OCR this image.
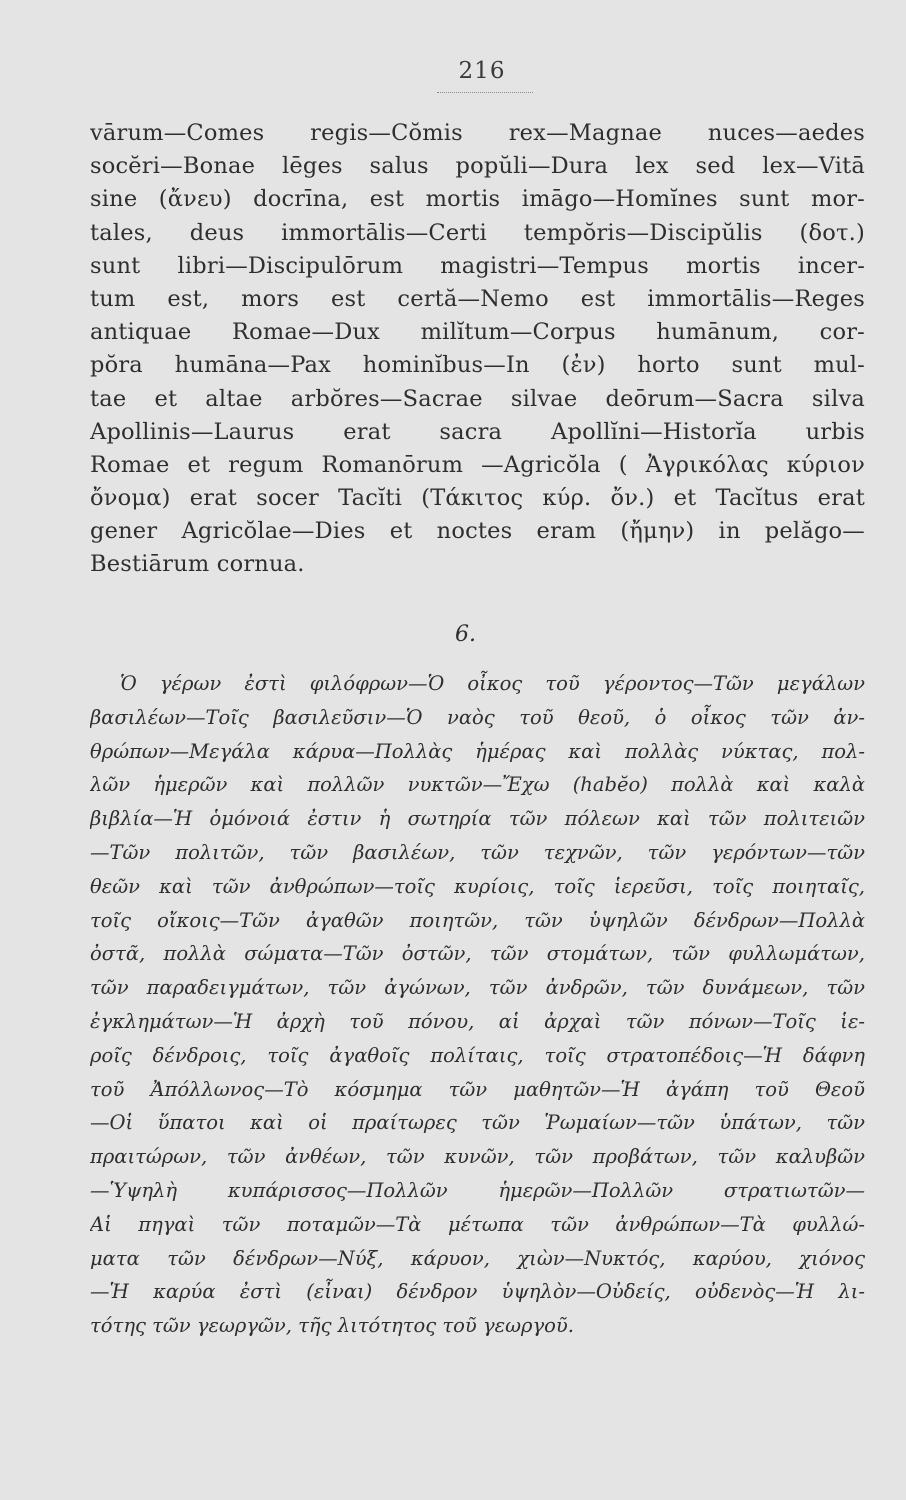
216
vārum—Comes regis—Cŏmis rex—Magnae nuces—aedes
socĕri—Bonae lēges salus popŭli—Dura lex sed lex—Vitā
sine (ἄνευ) docrīna, est mortis imāgo—Homĭnes sunt mor-
tales, deus immortālis—Certi tempŏris—Discipŭlis (δοτ.)
sunt libri—Discipulōrum magistri—Tempus mortis incer-
tum est, mors est certă—Nemo est immortālis—Reges
antiquae Romae—Dux milĭtum—Corpus humānum, cor-
pŏra humāna—Pax hominĭbus—In (ἐν) horto sunt mul-
tae et altae arbŏres—Sacrae silvae deōrum—Sacra silva
Apollinis—Laurus erat sacra Apollĭni—Historĭa urbis
Romae et regum Romanōrum —Agricŏla ( Ἀγρικόλας κύριον
ὄνομα) erat socer Tacĭti (Τάκιτος κύρ. ὄν.) et Tacĭtus erat
gener Agricŏlae—Dies et noctes eram (ἤμην) in pelăgo—
Bestiārum cornua.
6.
Ὁ γέρων ἐστὶ φιλόφρων—Ὁ οἶκος τοῦ γέροντος—Τῶν μεγάλων
βασιλέων—Τοῖς βασιλεῦσιν—Ὁ ναὸς τοῦ θεοῦ, ὁ οἶκος τῶν ἀν-
θρώπων—Μεγάλα κάρυα—Πολλὰς ἡμέρας καὶ πολλὰς νύκτας, πολ-
λῶν ἡμερῶν καὶ πολλῶν νυκτῶν—Ἔχω (habĕo) πολλὰ καὶ καλὰ
βιβλία—Ἡ ὁμόνοιά ἐστιν ἡ σωτηρία τῶν πόλεων καὶ τῶν πολιτειῶν
—Τῶν πολιτῶν, τῶν βασιλέων, τῶν τεχνῶν, τῶν γερόντων—τῶν
θεῶν καὶ τῶν ἀνθρώπων—τοῖς κυρίοις, τοῖς ἱερεῦσι, τοῖς ποιηταῖς,
τοῖς οἴκοις—Τῶν ἀγαθῶν ποιητῶν, τῶν ὑψηλῶν δένδρων—Πολλὰ
ὀστᾶ, πολλὰ σώματα—Τῶν ὀστῶν, τῶν στομάτων, τῶν φυλλωμάτων,
τῶν παραδειγμάτων, τῶν ἀγώνων, τῶν ἀνδρῶν, τῶν δυνάμεων, τῶν
ἐγκλημάτων—Ἡ ἀρχὴ τοῦ πόνου, αἱ ἀρχαὶ τῶν πόνων—Τοῖς ἱε-
ροῖς δένδροις, τοῖς ἀγαθοῖς πολίταις, τοῖς στρατοπέδοις—Ἡ δάφνη
τοῦ Ἀπόλλωνος—Τὸ κόσμημα τῶν μαθητῶν—Ἡ ἀγάπη τοῦ Θεοῦ
—Οἱ ὕπατοι καὶ οἱ πραίτωρες τῶν Ῥωμαίων—τῶν ὑπάτων, τῶν
πραιτώρων, τῶν ἀνθέων, τῶν κυνῶν, τῶν προβάτων, τῶν καλυβῶν
—Ὑψηλὴ κυπάρισσος—Πολλῶν ἡμερῶν—Πολλῶν στρατιωτῶν—
Αἱ πηγαὶ τῶν ποταμῶν—Τὰ μέτωπα τῶν ἀνθρώπων—Τὰ φυλλώ-
ματα τῶν δένδρων—Νύξ, κάρυον, χιὼν—Νυκτός, καρύου, χιόνος
—Ἡ καρύα ἐστὶ (εἶναι) δένδρον ὑψηλὸν—Οὐδείς, οὐδενὸς—Ἡ λι-
τότης τῶν γεωργῶν, τῆς λιτότητος τοῦ γεωργοῦ.
